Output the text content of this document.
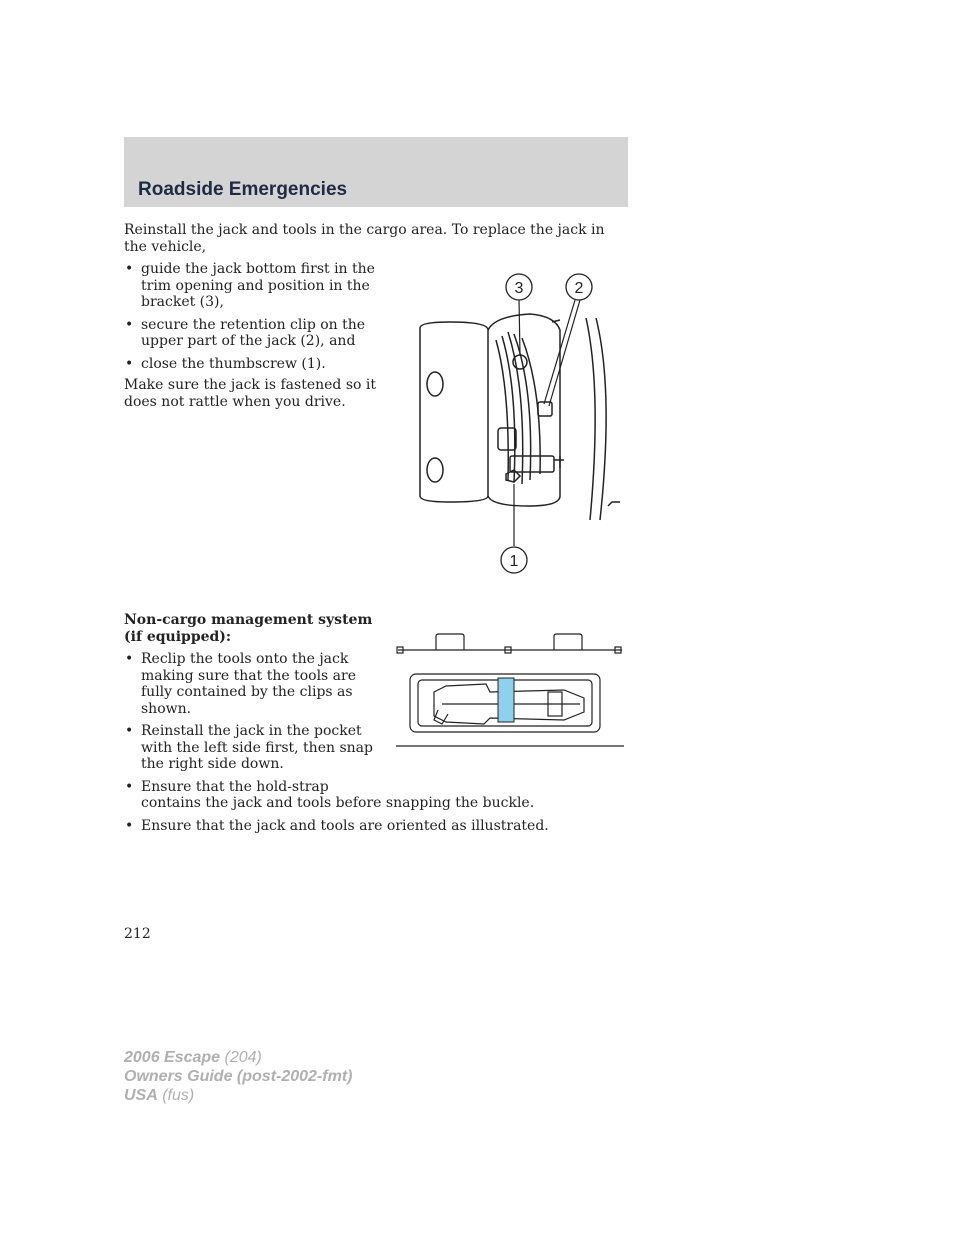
Roadside Emergencies

Reinstall the jack and tools in the cargo area. To replace the jack in the vehicle,

• guide the jack bottom first in the
trim opening and position in the
bracket (3),
• secure the retention clip on the
upper part of the jack (2), and
• close the thumbscrew (1).

Make sure the jack is fastened so it
does not rattle when you drive.

3	2
1

Non-cargo management system
(if equipped):

• Reclip the tools onto the jack
making sure that the tools are
fully contained by the clips as
shown.
• Reinstall the jack in the pocket
with the left side first, then snap
the right side down.
• Ensure that the hold-strap
contains the jack and tools before snapping the buckle.
• Ensure that the jack and tools are oriented as illustrated.
212
2006 Escape (204)
Owners Guide (post-2002-fmt)
USA (fus)
